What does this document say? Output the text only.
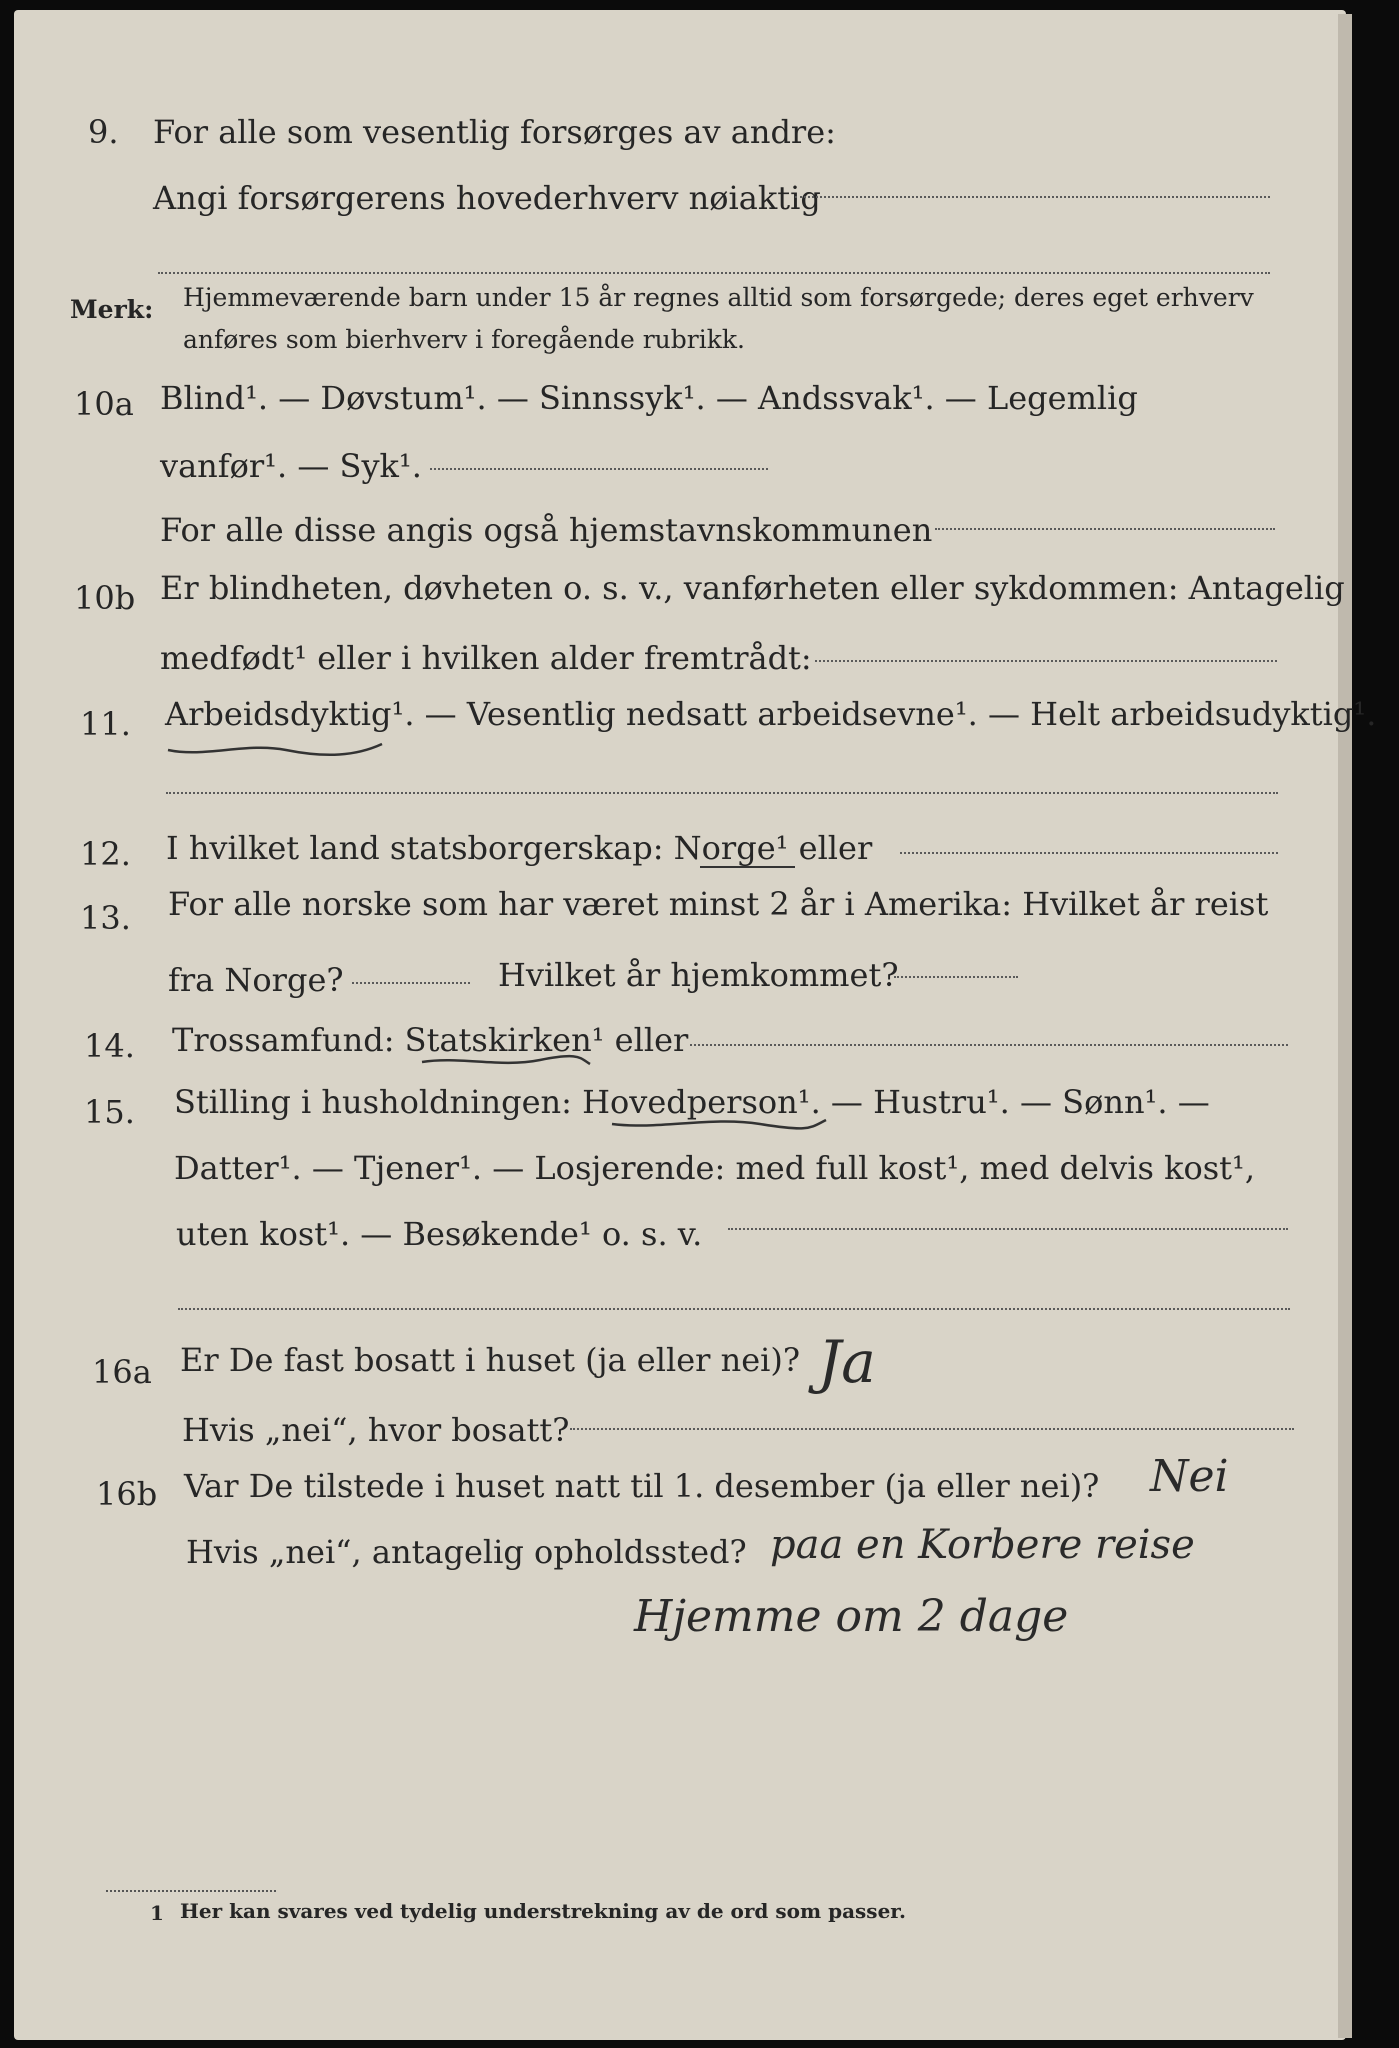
9. For alle som vesentlig forsørges av andre:
Angi forsørgerens hovederhverv nøiaktig
Merk: Hjemmeværende barn under 15 år regnes alltid som forsørgede; deres eget erhverv
anføres som bierhverv i foregående rubrikk.
10a Blind¹. — Døvstum¹. — Sinnssyk¹. — Andssvak¹. — Legemlig
vanfør¹. — Syk¹.
For alle disse angis også hjemstavnskommunen
10b Er blindheten, døvheten o. s. v., vanførheten eller sykdommen: Antagelig
medfødt¹ eller i hvilken alder fremtrådt:
11. Arbeidsdyktig¹. — Vesentlig nedsatt arbeidsevne¹. — Helt arbeidsudyktig¹.
12. I hvilket land statsborgerskap: Norge¹ eller
13. For alle norske som har været minst 2 år i Amerika: Hvilket år reist
fra Norge?	Hvilket år hjemkommet?
14. Trossamfund: Statskirken¹ eller
15. Stilling i husholdningen: Hovedperson¹. — Hustru¹. — Sønn¹. —
Datter¹. — Tjener¹. — Losjerende: med full kost¹, med delvis kost¹,
uten kost¹. — Besøkende¹ o. s. v.
16a Er De fast bosatt i huset (ja eller nei)? Ja
Hvis „nei“, hvor bosatt?
16b Var De tilstede i huset natt til 1. desember (ja eller nei)? Nei
Hvis „nei“, antagelig opholdssted? paa en Korbere reise
Hjemme om 2 dage
1 Her kan svares ved tydelig understrekning av de ord som passer.
